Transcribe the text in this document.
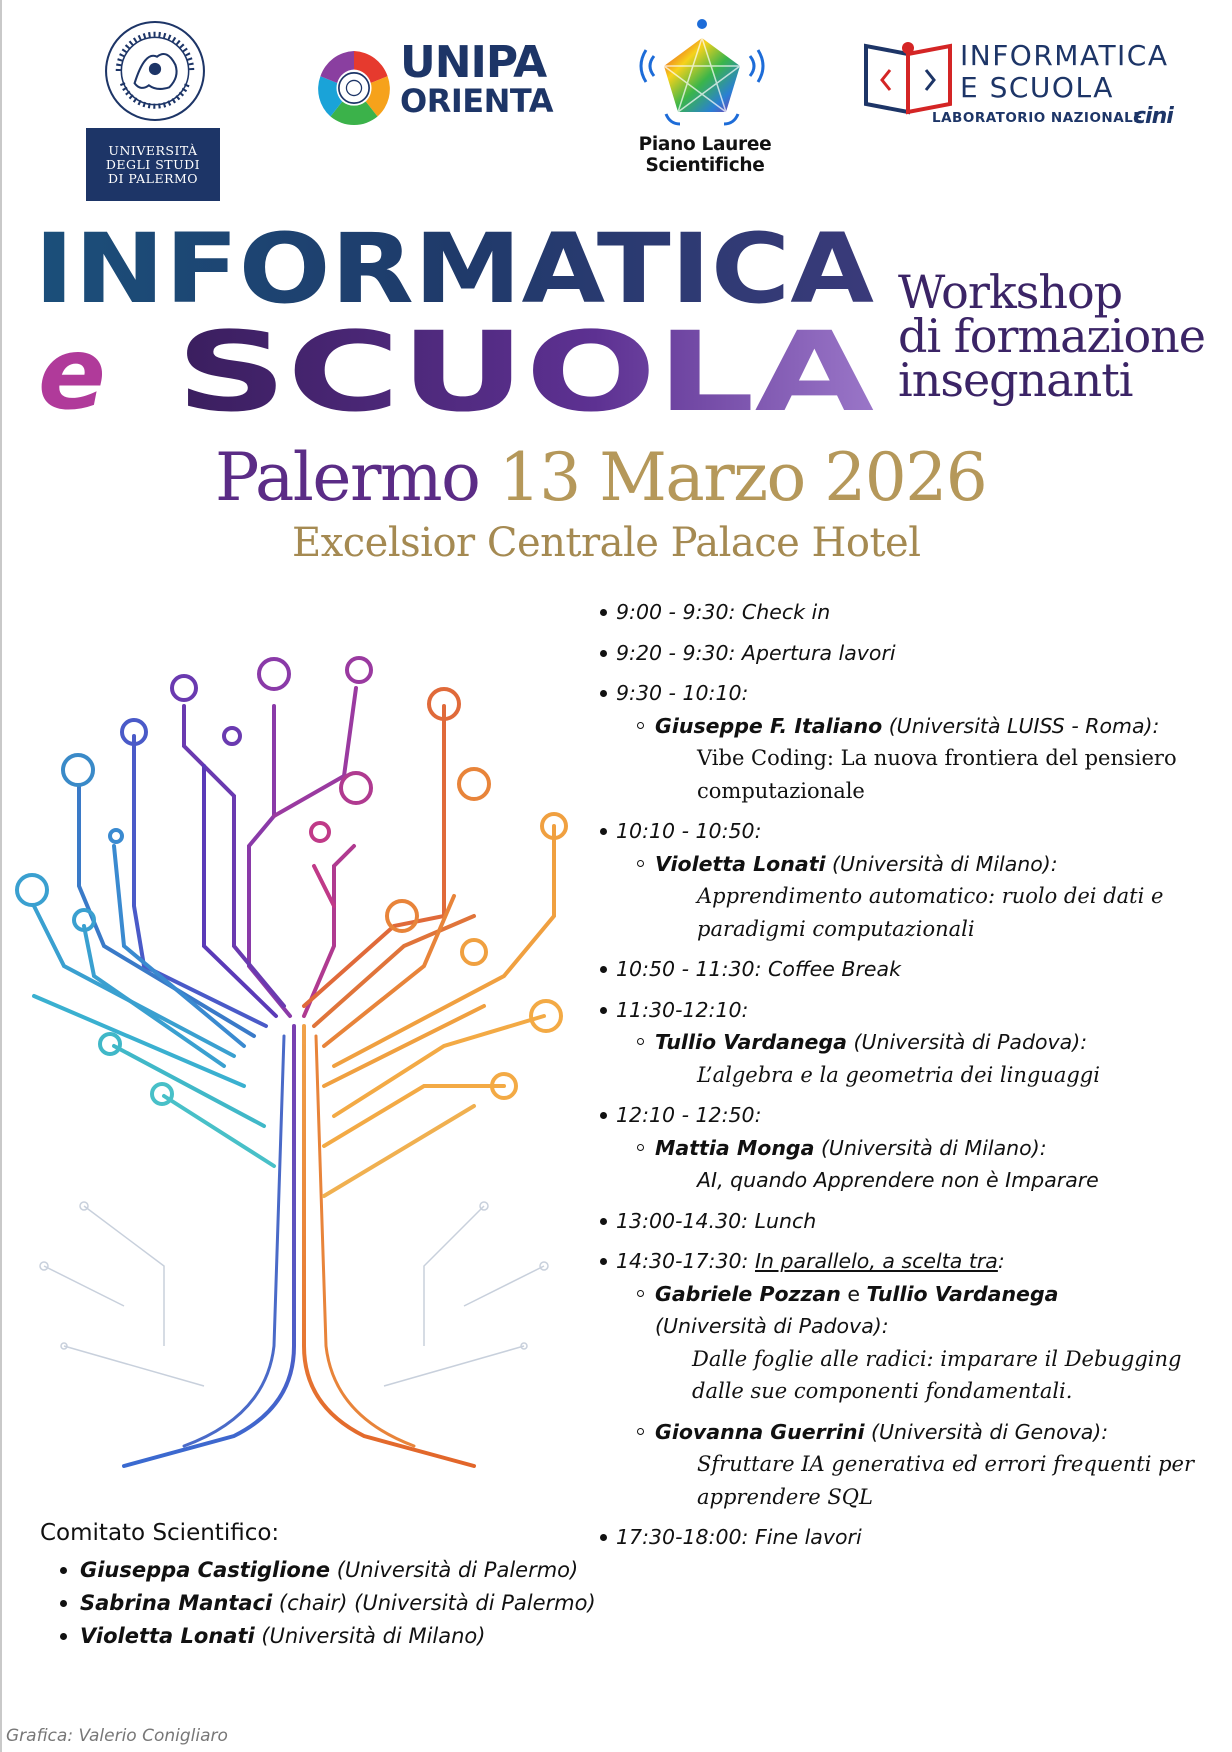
UNIVERSITÀ
DEGLI STUDI
DI PALERMO
UNIPA
ORIENTA
Piano Lauree
Scientifiche
INFORMATICA
E SCUOLA
LABORATORIO NAZIONALE
cini
INFORMATICA
e SCUOLA
Workshop
di formazione
insegnanti
Palermo 13 Marzo 2026
Excelsior Centrale Palace Hotel
9:00 - 9:30: Check in
9:20 - 9:30: Apertura lavori
9:30 - 10:10:
Giuseppe F. Italiano (Università LUISS - Roma):
Vibe Coding: La nuova frontiera del pensiero
computazionale
10:10 - 10:50:
Violetta Lonati (Università di Milano):
Apprendimento automatico: ruolo dei dati e
paradigmi computazionali
10:50 - 11:30: Coffee Break
11:30-12:10:
Tullio Vardanega (Università di Padova):
L’algebra e la geometria dei linguaggi
12:10 - 12:50:
Mattia Monga (Università di Milano):
AI, quando Apprendere non è Imparare
13:00-14.30: Lunch
14:30-17:30: In parallelo, a scelta tra:
Gabriele Pozzan e Tullio Vardanega
(Università di Padova):
Dalle foglie alle radici: imparare il Debugging
dalle sue componenti fondamentali.
Giovanna Guerrini (Università di Genova):
Sfruttare IA generativa ed errori frequenti per
apprendere SQL
17:30-18:00: Fine lavori
Comitato Scientifico:
Giuseppa Castiglione (Università di Palermo)
Sabrina Mantaci (chair) (Università di Palermo)
Violetta Lonati (Università di Milano)
Grafica: Valerio Conigliaro
